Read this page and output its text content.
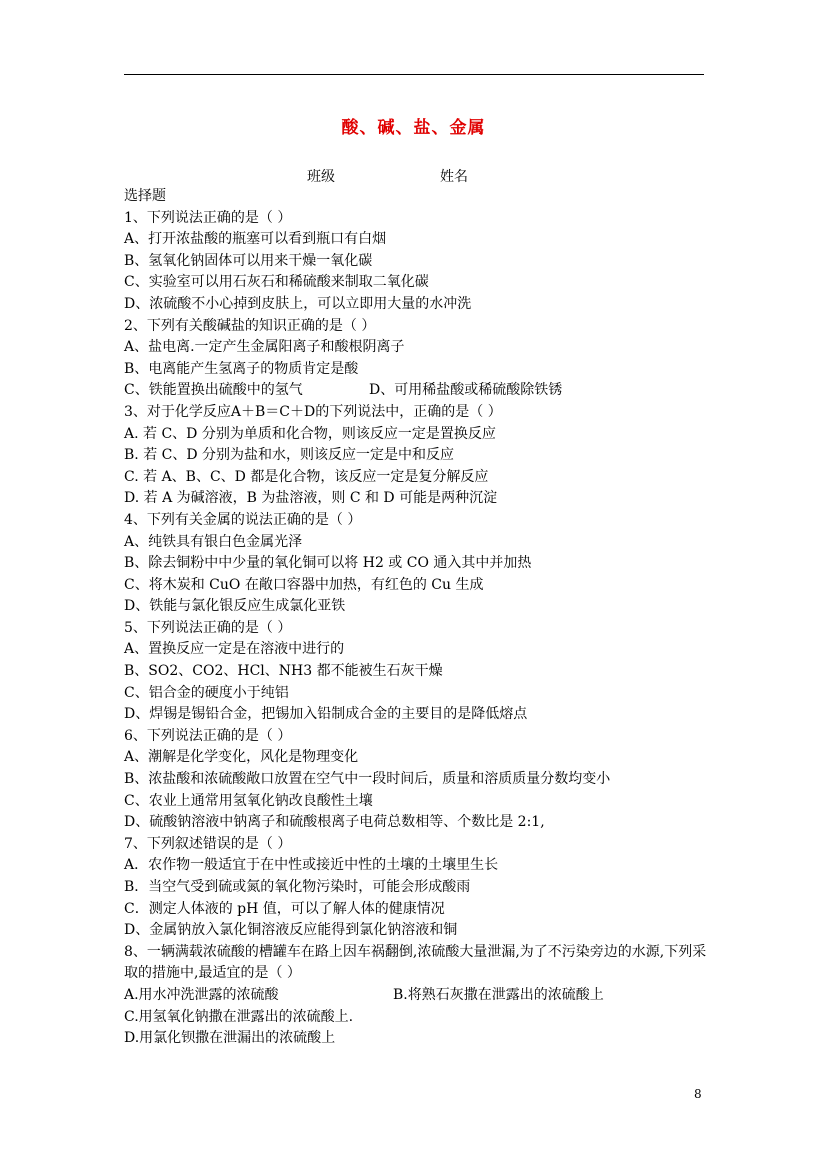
酸、碱、盐、金属
班级	姓名
选择题
1、下列说法正确的是（ ）
A、打开浓盐酸的瓶塞可以看到瓶口有白烟
B、氢氧化钠固体可以用来干燥一氧化碳
C、实验室可以用石灰石和稀硫酸来制取二氧化碳
D、浓硫酸不小心掉到皮肤上，可以立即用大量的水冲洗
2、下列有关酸碱盐的知识正确的是（ ）
A、盐电离.一定产生金属阳离子和酸根阴离子
B、电离能产生氢离子的物质肯定是酸
C、铁能置换出硫酸中的氢气	D、可用稀盐酸或稀硫酸除铁锈
3、对于化学反应A＋B＝C＋D的下列说法中，正确的是（ ）
A. 若 C、D 分别为单质和化合物，则该反应一定是置换反应
B. 若 C、D 分别为盐和水，则该反应一定是中和反应
C. 若 A、B、C、D 都是化合物，该反应一定是复分解反应
D. 若 A 为碱溶液，B 为盐溶液，则 C 和 D 可能是两种沉淀
4、下列有关金属的说法正确的是（ ）
A、纯铁具有银白色金属光泽
B、除去铜粉中中少量的氧化铜可以将 H2 或 CO 通入其中并加热
C、将木炭和 CuO 在敞口容器中加热，有红色的 Cu 生成
D、铁能与氯化银反应生成氯化亚铁
5、下列说法正确的是（ ）
A、置换反应一定是在溶液中进行的
B、SO2、CO2、HCl、NH3 都不能被生石灰干燥
C、铝合金的硬度小于纯铝
D、焊锡是锡铅合金，把锡加入铅制成合金的主要目的是降低熔点
6、下列说法正确的是（ ）
A、潮解是化学变化，风化是物理变化
B、浓盐酸和浓硫酸敞口放置在空气中一段时间后，质量和溶质质量分数均变小
C、农业上通常用氢氧化钠改良酸性土壤
D、硫酸钠溶液中钠离子和硫酸根离子电荷总数相等、个数比是 2:1,
7、下列叙述错误的是（ ）
A．农作物一般适宜于在中性或接近中性的土壤的土壤里生长
B．当空气受到硫或氮的氧化物污染时，可能会形成酸雨
C．测定人体液的 pH 值，可以了解人体的健康情况
D、金属钠放入氯化铜溶液反应能得到氯化钠溶液和铜
8、一辆满载浓硫酸的槽罐车在路上因车祸翻倒,浓硫酸大量泄漏,为了不污染旁边的水源,下列采取的措施中,最适宜的是（ ）
A.用水冲洗泄露的浓硫酸	B.将熟石灰撒在泄露出的浓硫酸上
C.用氢氧化钠撒在泄露出的浓硫酸上.
D.用氯化钡撒在泄漏出的浓硫酸上
8
